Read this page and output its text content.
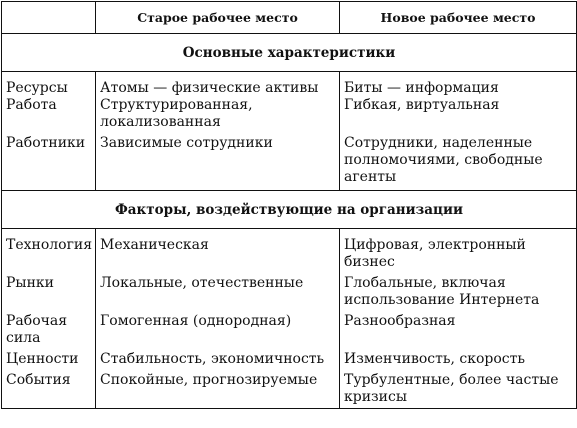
	Старое рабочее место	Новое рабочее место
Основные характеристики		
Ресурсы	Атомы — физические активы	Биты — информация
Работа	Структурированная, локализованная	Гибкая, виртуальная
Работники	Зависимые сотрудники	Сотрудники, наделенные полномочиями, свободные агенты
Факторы, воздействующие на организации		
Технология	Механическая	Цифровая, электронный бизнес
Рынки	Локальные, отечественные	Глобальные, включая использование Интернета
Рабочая сила	Гомогенная (однородная)	Разнообразная
Ценности	Стабильность, экономичность	Изменчивость, скорость
События	Спокойные, прогнозируемые	Турбулентные, более частые кризисы
